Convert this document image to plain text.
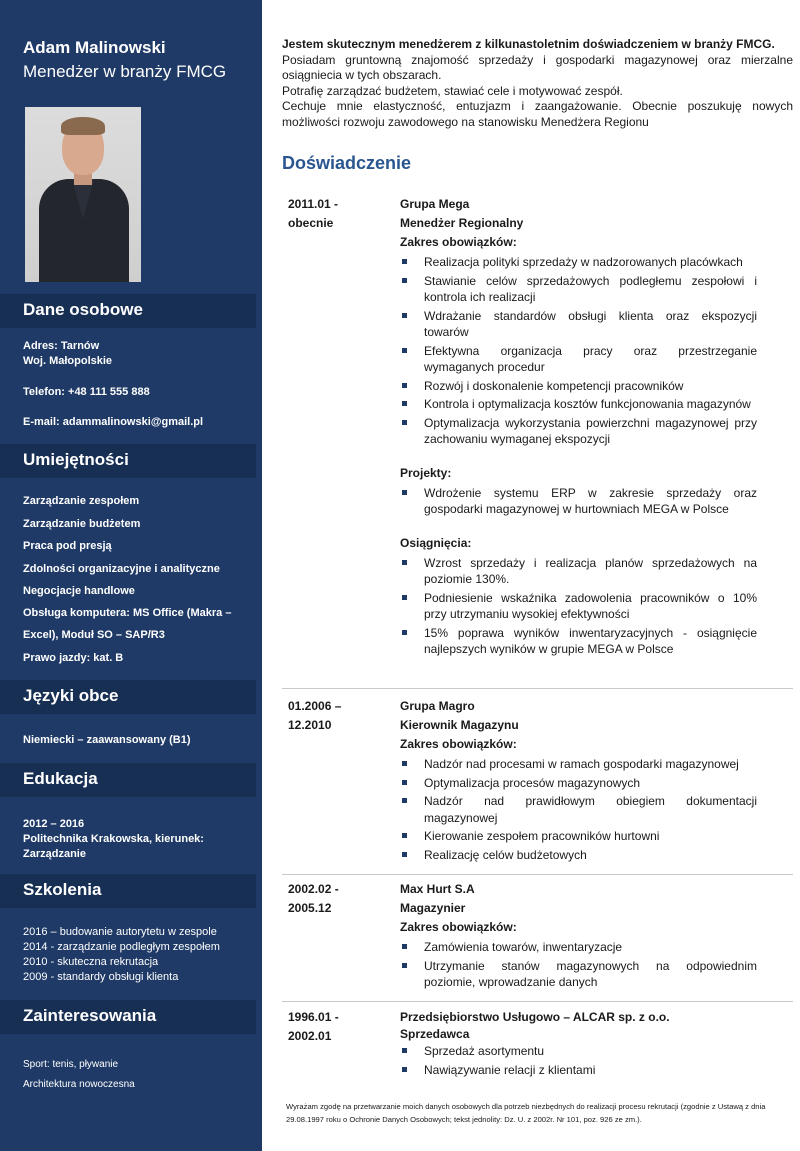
Adam Malinowski
Menedżer w branży FMCG
Dane osobowe
Adres: Tarnów
Woj. Małopolskie
Telefon: +48 111 555 888
E-mail: adammalinowski@gmail.pl
Umiejętności
Zarządzanie zespołem
Zarządzanie budżetem
Praca pod presją
Zdolności organizacyjne i analityczne
Negocjacje handlowe
Obsługa komputera: MS Office (Makra –
Excel), Moduł SO – SAP/R3
Prawo jazdy: kat. B
Języki obce
Niemiecki – zaawansowany (B1)
Edukacja
2012 – 2016
Politechnika Krakowska, kierunek:
Zarządzanie
Szkolenia
2016 – budowanie autorytetu w zespole
2014 - zarządzanie podległym zespołem
2010 - skuteczna rekrutacja
2009 - standardy obsługi klienta
Zainteresowania
Sport: tenis, pływanie
Architektura nowoczesna

Jestem skutecznym menedżerem z kilkunastoletnim doświadczeniem w branży FMCG.

Posiadam gruntowną znajomość sprzedaży i gospodarki magazynowej oraz mierzalne osiągniecia w tych obszarach.

Potrafię zarządzać budżetem, stawiać cele i motywować zespół.

Cechuje mnie elastyczność, entuzjazm i zaangażowanie. Obecnie poszukuję nowych możliwości rozwoju zawodowego na stanowisku Menedżera Regionu

Doświadczenie
2011.01 -
obecnie
Grupa Mega
Menedżer Regionalny
Zakres obowiązków:
Realizacja polityki sprzedaży w nadzorowanych placówkach
Stawianie celów sprzedażowych podległemu zespołowi i kontrola ich realizacji
Wdrażanie standardów obsługi klienta oraz ekspozycji towarów
Efektywna organizacja pracy oraz przestrzeganie wymaganych procedur
Rozwój i doskonalenie kompetencji pracowników
Kontrola i optymalizacja kosztów funkcjonowania magazynów
Optymalizacja wykorzystania powierzchni magazynowej przy zachowaniu wymaganej ekspozycji
Projekty:
Wdrożenie systemu ERP w zakresie sprzedaży oraz gospodarki magazynowej w hurtowniach MEGA w Polsce
Osiągnięcia:
Wzrost sprzedaży i realizacja planów sprzedażowych na poziomie 130%.
Podniesienie wskaźnika zadowolenia pracowników o 10% przy utrzymaniu wysokiej efektywności
15% poprawa wyników inwentaryzacyjnych - osiągnięcie najlepszych wyników w grupie MEGA w Polsce
01.2006 –
12.2010
Grupa Magro
Kierownik Magazynu
Zakres obowiązków:
Nadzór nad procesami w ramach gospodarki magazynowej
Optymalizacja procesów magazynowych
Nadzór nad prawidłowym obiegiem dokumentacji magazynowej
Kierowanie zespołem pracowników hurtowni
Realizację celów budżetowych
2002.02 -
2005.12
Max Hurt S.A
Magazynier
Zakres obowiązków:
Zamówienia towarów, inwentaryzacje
Utrzymanie stanów magazynowych na odpowiednim poziomie, wprowadzanie danych
1996.01 -
2002.01
Przedsiębiorstwo Usługowo – ALCAR sp. z o.o.
Sprzedawca
Sprzedaż asortymentu
Nawiązywanie relacji z klientami
Wyrażam zgodę na przetwarzanie moich danych osobowych dla potrzeb niezbędnych do realizacji procesu rekrutacji (zgodnie z Ustawą z dnia 29.08.1997 roku o Ochronie Danych Osobowych; tekst jednolity: Dz. U. z 2002r. Nr 101, poz. 926 ze zm.).
